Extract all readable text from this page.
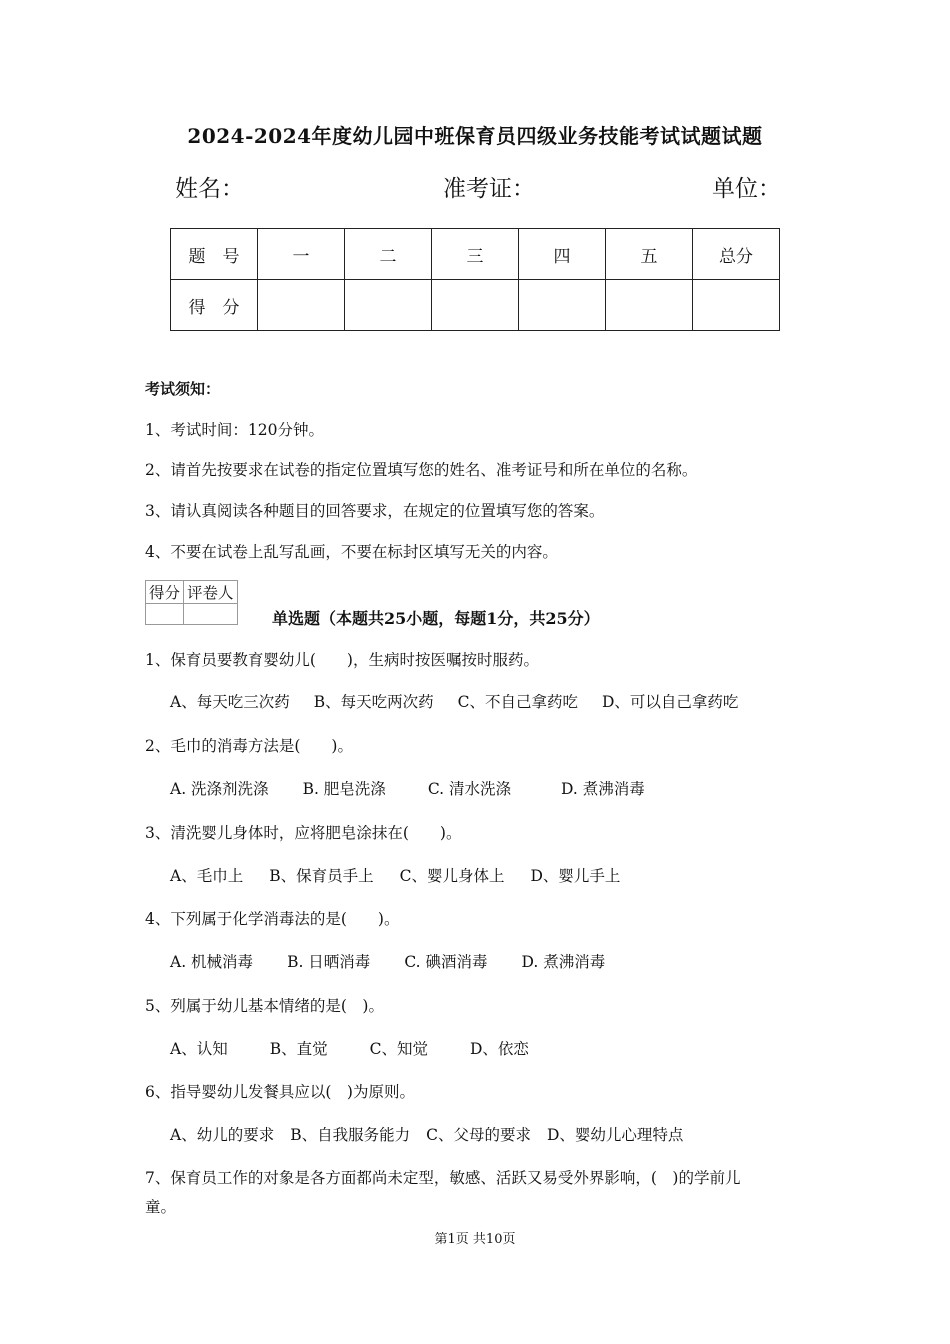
2024-2024年度幼儿园中班保育员四级业务技能考试试题试题
姓名：	准考证：	单位：
题　号	一	二	三	四	五	总分
得　分						
考试须知：
1、考试时间：120分钟。
2、请首先按要求在试卷的指定位置填写您的姓名、准考证号和所在单位的名称。
3、请认真阅读各种题目的回答要求，在规定的位置填写您的答案。
4、不要在试卷上乱写乱画，不要在标封区填写无关的内容。
得分	评卷人

单选题（本题共25小题，每题1分，共25分）
1、保育员要教育婴幼儿(　　)，生病时按医嘱按时服药。
A、每天吃三次药 B、每天吃两次药 C、不自己拿药吃 D、可以自己拿药吃
2、毛巾的消毒方法是(　　)。
A. 洗涤剂洗涤 B. 肥皂洗涤	C. 清水洗涤	D. 煮沸消毒
3、清洗婴儿身体时，应将肥皂涂抹在(　　)。
A、毛巾上 B、保育员手上 C、婴儿身体上 D、婴儿手上
4、下列属于化学消毒法的是(　　)。
A. 机械消毒 B. 日晒消毒 C. 碘酒消毒 D. 煮沸消毒
5、列属于幼儿基本情绪的是(　)。
A、认知	B、直觉	C、知觉	D、依恋
6、指导婴幼儿发餐具应以(　)为原则。
A、幼儿的要求 B、自我服务能力 C、父母的要求 D、婴幼儿心理特点
7、保育员工作的对象是各方面都尚未定型，敏感、活跃又易受外界影响，(　)的学前儿
童。
第1页 共10页
